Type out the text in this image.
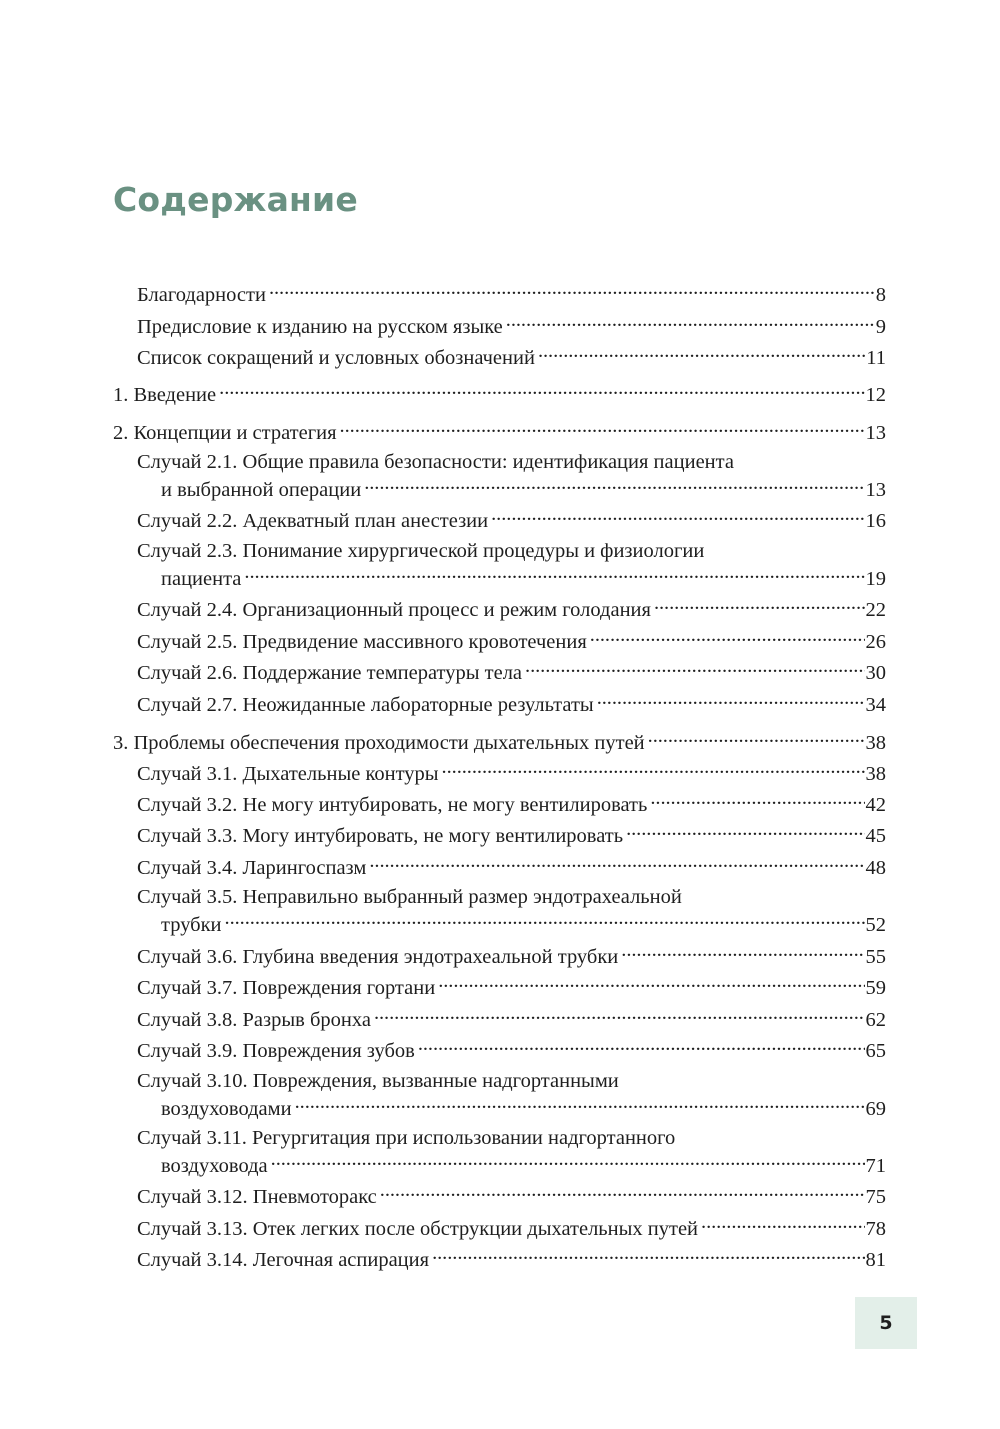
Содержание
Благодарности . . .	8
Предисловие к изданию на русском языке . . .	9
Список сокращений и условных обозначений . . .	11
1. Введение . . .	12
2. Концепции и стратегия . . .	13
Случай 2.1. Общие правила безопасности: идентификация пациента
и выбранной операции . . .	13
Случай 2.2. Адекватный план анестезии . . .	16
Случай 2.3. Понимание хирургической процедуры и физиологии
пациента . . .	19
Случай 2.4. Организационный процесс и режим голодания . . .	22
Случай 2.5. Предвидение массивного кровотечения . . .	26
Случай 2.6. Поддержание температуры тела . . .	30
Случай 2.7. Неожиданные лабораторные результаты . . .	34
3. Проблемы обеспечения проходимости дыхательных путей . . .	38
Случай 3.1. Дыхательные контуры . . .	38
Случай 3.2. Не могу интубировать, не могу вентилировать . . .	42
Случай 3.3. Могу интубировать, не могу вентилировать . . .	45
Случай 3.4. Ларингоспазм . . .	48
Случай 3.5. Неправильно выбранный размер эндотрахеальной
трубки . . .	52
Случай 3.6. Глубина введения эндотрахеальной трубки . . .	55
Случай 3.7. Повреждения гортани . . .	59
Случай 3.8. Разрыв бронха . . .	62
Случай 3.9. Повреждения зубов . . .	65
Случай 3.10. Повреждения, вызванные надгортанными
воздуховодами . . .	69
Случай 3.11. Регургитация при использовании надгортанного
воздуховода . . .	71
Случай 3.12. Пневмоторакс . . .	75
Случай 3.13. Отек легких после обструкции дыхательных путей . . .	78
Случай 3.14. Легочная аспирация . . .	81
5
